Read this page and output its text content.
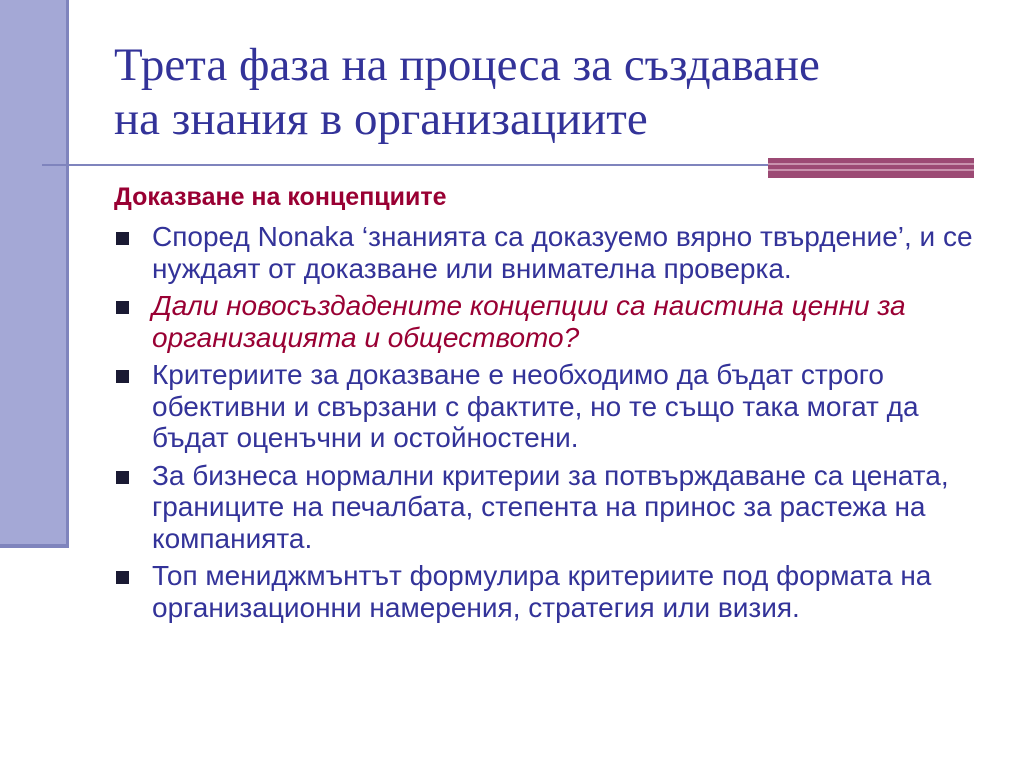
Трета фаза на процеса за създаване
на знания в организациите
Доказване на концепциите
Според Nonaka ‘знанията са доказуемо вярно твърдение’, и се нуждаят от доказване или внимателна проверка.
Дали новосъздадените концепции са наистина ценни за организацията и обществото?
Критериите за доказване е необходимо да бъдат строго обективни и свързани с фактите, но те също така могат да бъдат оценъчни и остойностени.
За бизнеса нормални критерии за потвърждаване са цената, границите на печалбата, степента на принос за растежа на компанията.
Топ мениджмънтът формулира критериите под формата на организационни намерения, стратегия или визия.
